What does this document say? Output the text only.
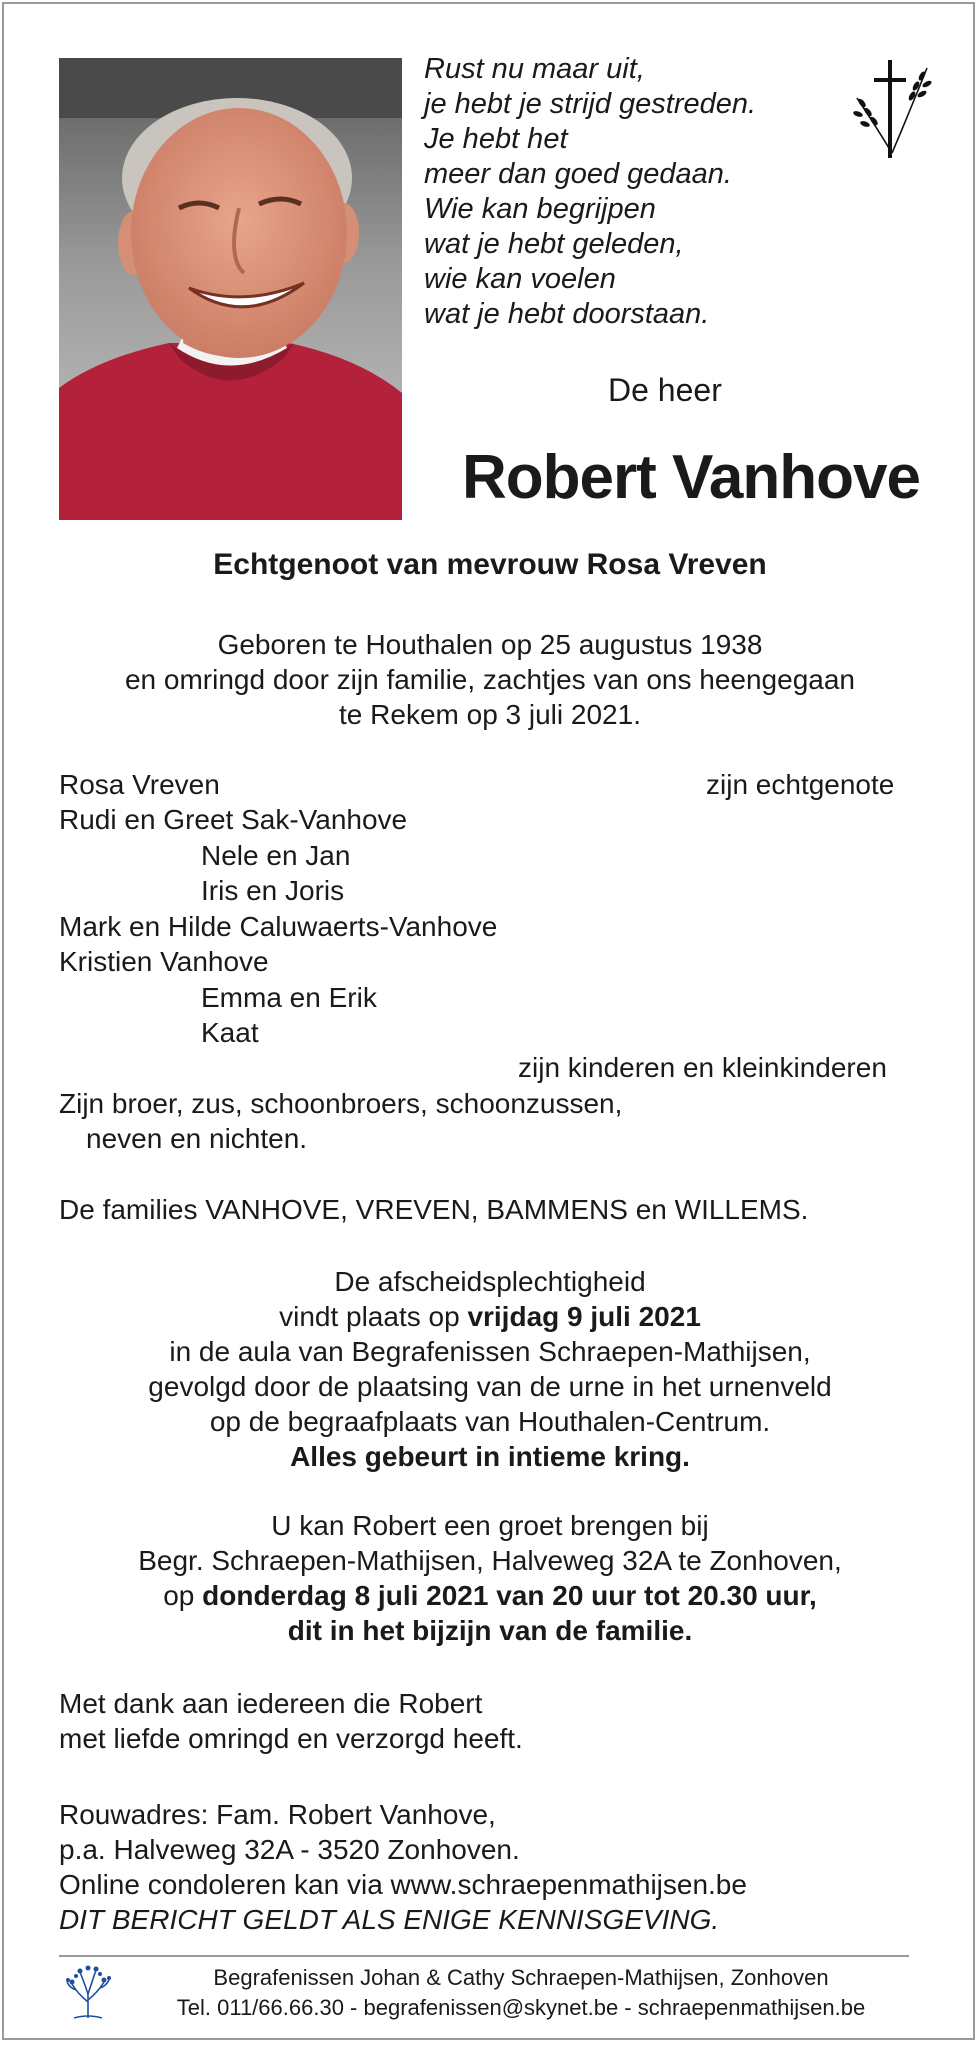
Rust nu maar uit,
je hebt je strijd gestreden.
Je hebt het
meer dan goed gedaan.
Wie kan begrijpen
wat je hebt geleden,
wie kan voelen
wat je hebt doorstaan.
De heer
Robert Vanhove
Echtgenoot van mevrouw Rosa Vreven
Geboren te Houthalen op 25 augustus 1938
en omringd door zijn familie, zachtjes van ons heengegaan
te Rekem op 3 juli 2021.
Rosa Vreven	zijn echtgenote
Rudi en Greet Sak-Vanhove
Nele en Jan
Iris en Joris
Mark en Hilde Caluwaerts-Vanhove
Kristien Vanhove
Emma en Erik
Kaat
zijn kinderen en kleinkinderen
Zijn broer, zus, schoonbroers, schoonzussen,
neven en nichten.
De families VANHOVE, VREVEN, BAMMENS en WILLEMS.
De afscheidsplechtigheid
vindt plaats op vrijdag 9 juli 2021
in de aula van Begrafenissen Schraepen-Mathijsen,
gevolgd door de plaatsing van de urne in het urnenveld
op de begraafplaats van Houthalen-Centrum.
Alles gebeurt in intieme kring.
U kan Robert een groet brengen bij
Begr. Schraepen-Mathijsen, Halveweg 32A te Zonhoven,
op donderdag 8 juli 2021 van 20 uur tot 20.30 uur,
dit in het bijzijn van de familie.
Met dank aan iedereen die Robert
met liefde omringd en verzorgd heeft.
Rouwadres: Fam. Robert Vanhove,
p.a. Halveweg 32A - 3520 Zonhoven.
Online condoleren kan via www.schraepenmathijsen.be
DIT BERICHT GELDT ALS ENIGE KENNISGEVING.
Begrafenissen Johan & Cathy Schraepen-Mathijsen, Zonhoven
Tel. 011/66.66.30 - begrafenissen@skynet.be - schraepenmathijsen.be
